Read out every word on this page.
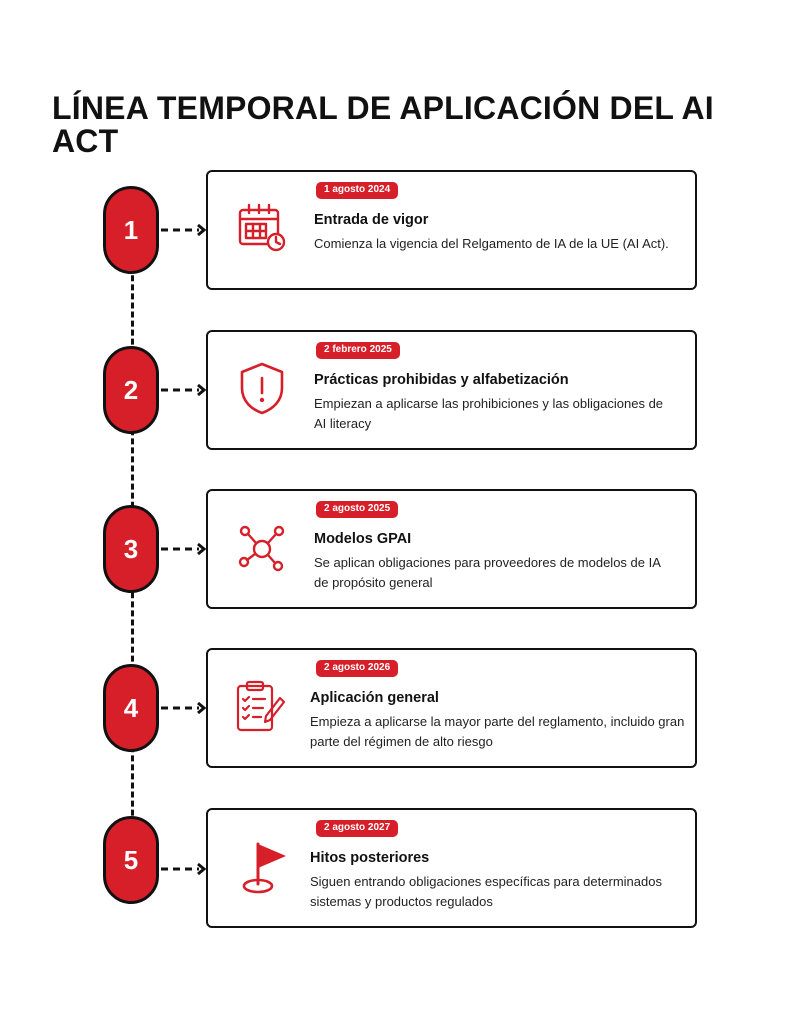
LÍNEA TEMPORAL DE APLICACIÓN DEL AI ACT
1
1 agosto 2024
Entrada de vigor
Comienza la vigencia del Relgamento de IA de la UE (AI Act).
2
2 febrero 2025
Prácticas prohibidas y alfabetización
Empiezan a aplicarse las prohibiciones y las obligaciones de AI literacy
3
2 agosto 2025
Modelos GPAI
Se aplican obligaciones para proveedores de modelos de IA de propósito general
4
2 agosto 2026
Aplicación general
Empieza a aplicarse la mayor parte del reglamento, incluido gran parte del régimen de alto riesgo
5
2 agosto 2027
Hitos posteriores
Siguen entrando obligaciones específicas para determinados sistemas y productos regulados
